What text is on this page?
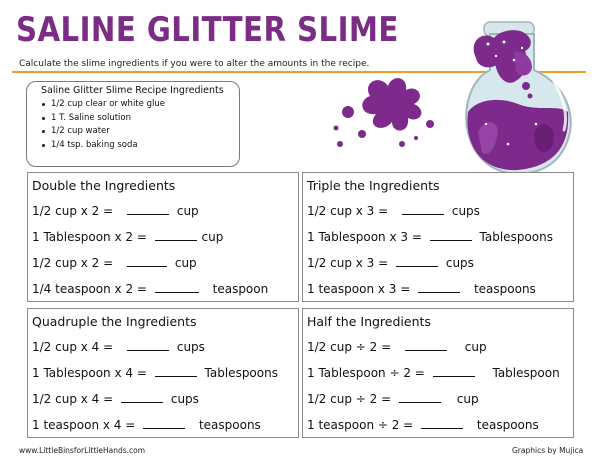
SALINE GLITTER SLIME
Calculate the slime ingredients if you were to alter the amounts in the recipe.
Saline Glitter Slime Recipe Ingredients
1/2 cup clear or white glue
1 T. Saline solution
1/2 cup water
1/4 tsp. baking soda
Double the Ingredients
1/2 cup x 2 =	cup
1 Tablespoon x 2 =	cup
1/2 cup x 2 =	cup
1/4 teaspoon x 2 =	teaspoon
Triple the Ingredients
1/2 cup x 3 =	cups
1 Tablespoon x 3 =	Tablespoons
1/2 cup x 3 =	cups
1 teaspoon x 3 =	teaspoons
Quadruple the Ingredients
1/2 cup x 4 =	cups
1 Tablespoon x 4 =	Tablespoons
1/2 cup x 4 =	cups
1 teaspoon x 4 =	teaspoons
Half the Ingredients
1/2 cup ÷ 2 =	cup
1 Tablespoon ÷ 2 =	Tablespoon
1/2 cup ÷ 2 =	cup
1 teaspoon ÷ 2 =	teaspoons
www.LittleBinsforLittleHands.com	Graphics by Mujica
